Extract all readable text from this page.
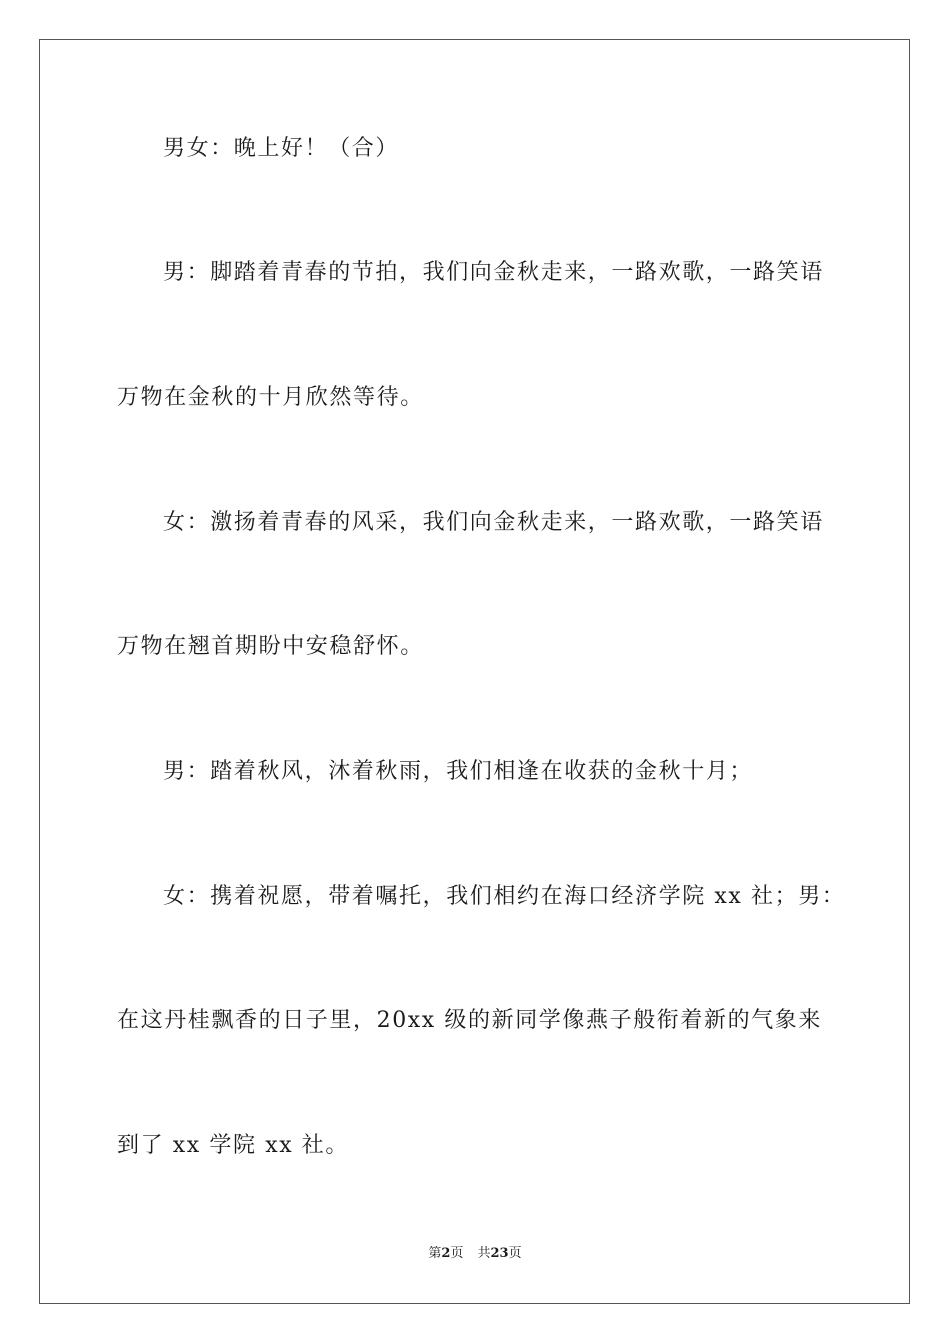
男女：晚上好！（合）
男：脚踏着青春的节拍，我们向金秋走来，一路欢歌，一路笑语
万物在金秋的十月欣然等待。
女：激扬着青春的风采，我们向金秋走来，一路欢歌，一路笑语
万物在翘首期盼中安稳舒怀。
男：踏着秋风，沐着秋雨，我们相逢在收获的金秋十月；
女：携着祝愿，带着嘱托，我们相约在海口经济学院 xx 社；男：
在这丹桂飘香的日子里，20xx 级的新同学像燕子般衔着新的气象来
到了 xx 学院 xx 社。
第2页 共23页
